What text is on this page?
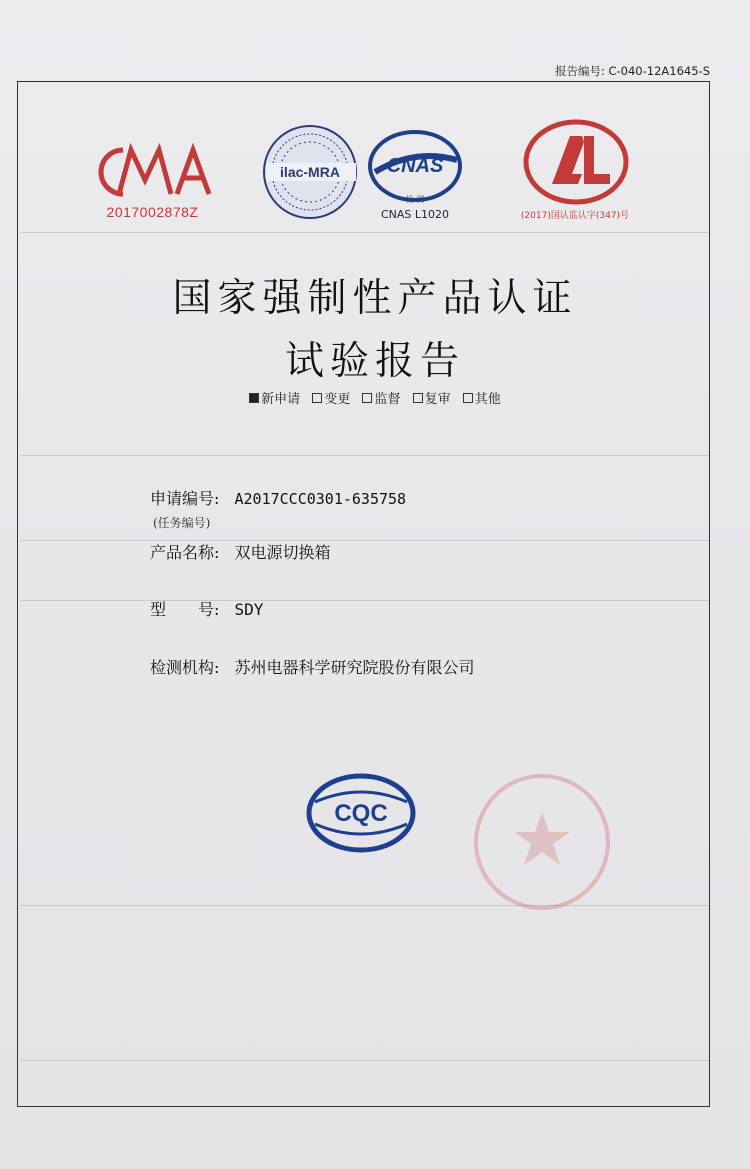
报告编号: C-040-12A1645-S
2017002878Z
ilac-MRA CNAS
检 测
CNAS L1020	(2017)国认监认字(347)号
国家强制性产品认证
试验报告
新申请 变更 监督 复审 其他
申请编号: A2017CCC0301-635758
(任务编号)
产品名称: 双电源切换箱
型　　号: SDY
检测机构: 苏州电器科学研究院股份有限公司
CQC
